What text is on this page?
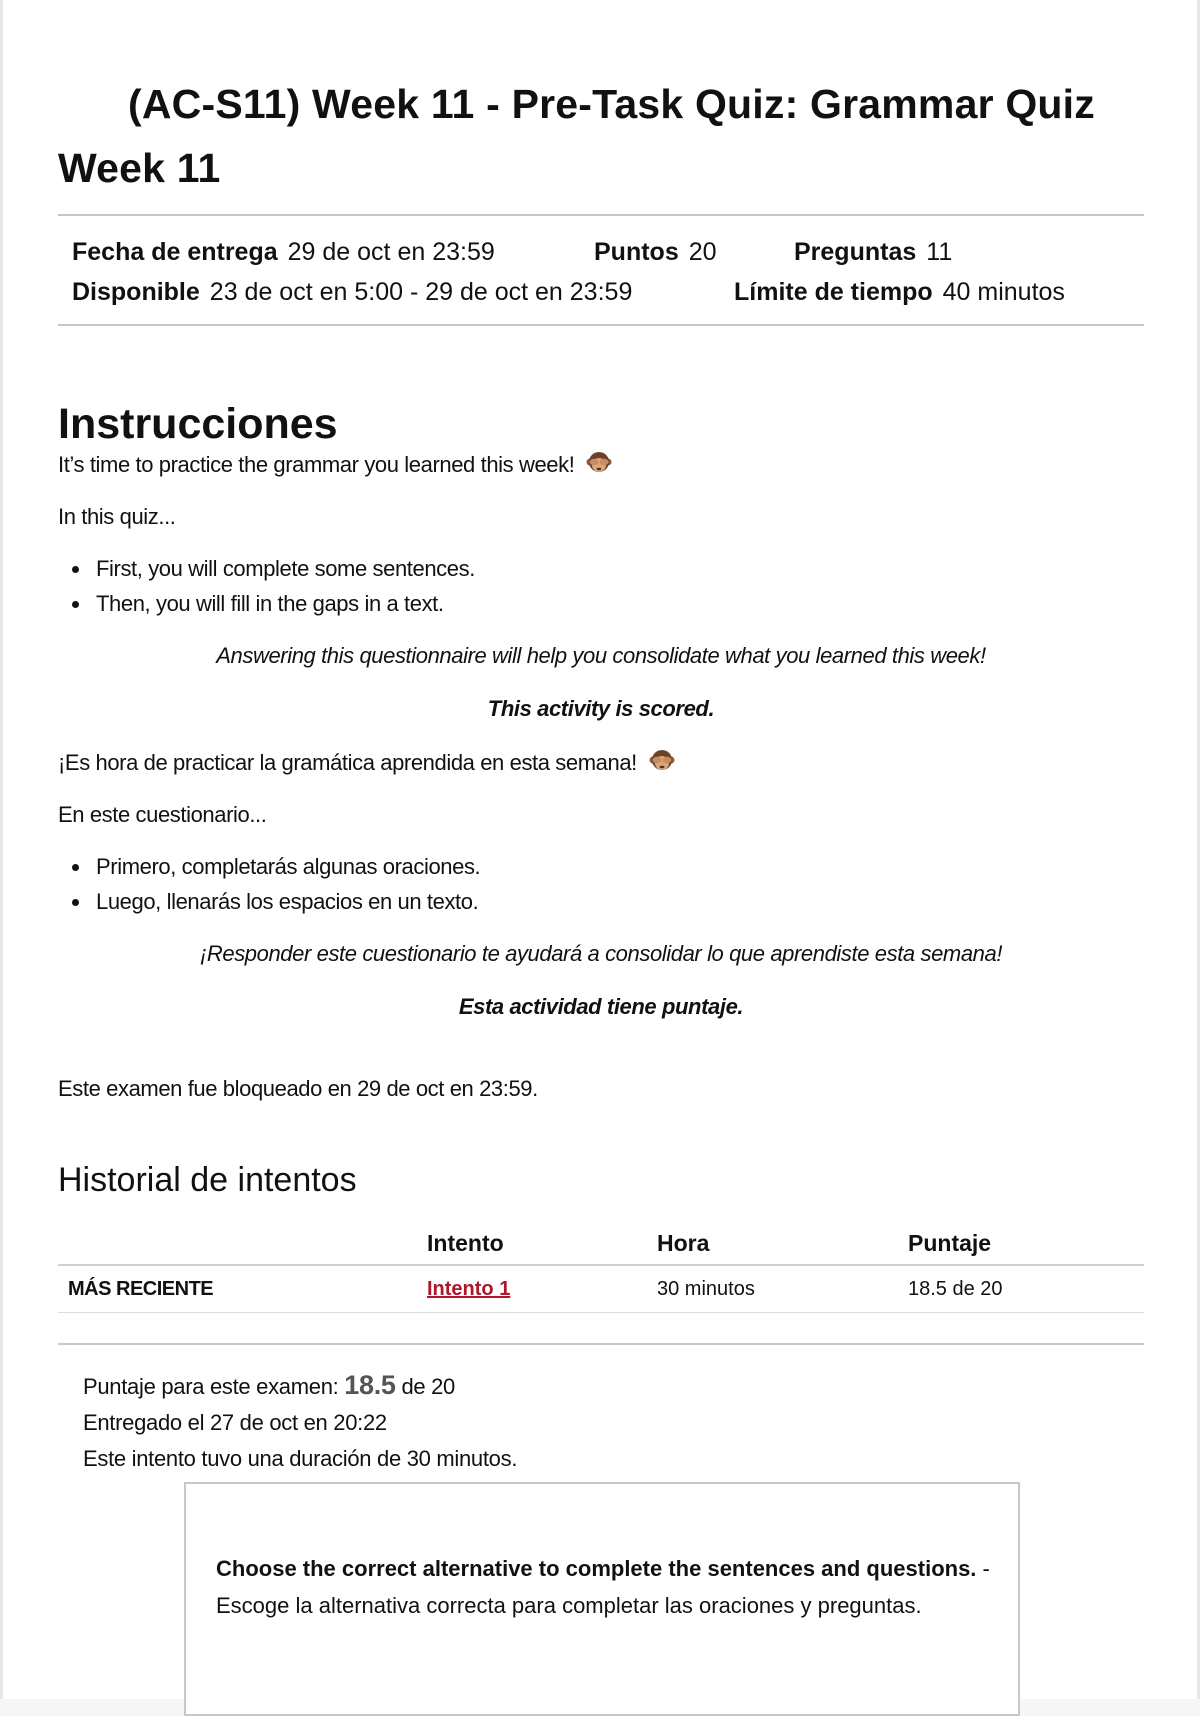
(AC-S11) Week 11 - Pre-Task Quiz: Grammar Quiz
Week 11
Fecha de entrega 29 de oct en 23:59	Puntos 20	Preguntas 11
Disponible 23 de oct en 5:00 - 29 de oct en 23:59	Límite de tiempo 40 minutos
Instrucciones

It’s time to practice the grammar you learned this week!

In this quiz...

First, you will complete some sentences.
Then, you will fill in the gaps in a text.

Answering this questionnaire will help you consolidate what you learned this week!

This activity is scored.

¡Es hora de practicar la gramática aprendida en esta semana!

En este cuestionario...

Primero, completarás algunas oraciones.
Luego, llenarás los espacios en un texto.

¡Responder este cuestionario te ayudará a consolidar lo que aprendiste esta semana!

Esta actividad tiene puntaje.

Este examen fue bloqueado en 29 de oct en 23:59.

Historial de intentos
	Intento	Hora	Puntaje
MÁS RECIENTE	Intento 1	30 minutos	18.5 de 20
Puntaje para este examen: 18.5 de 20
Entregado el 27 de oct en 20:22
Este intento tuvo una duración de 30 minutos.
Choose the correct alternative to complete the sentences and questions. - Escoge la alternativa correcta para completar las oraciones y preguntas.
